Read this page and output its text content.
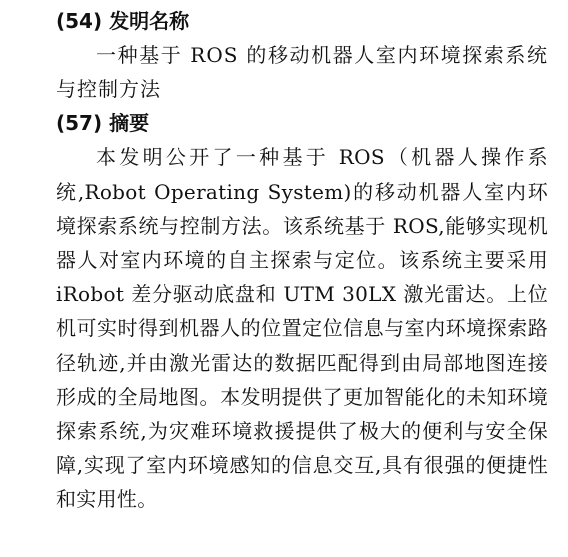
(54) 发明名称

一种基于 ROS 的移动机器人室内环境探索系统与控制方法

(57) 摘要

本发明公开了一种基于 ROS（机器人操作系统,Robot Operating System)的移动机器人室内环境探索系统与控制方法。该系统基于 ROS,能够实现机器人对室内环境的自主探索与定位。该系统主要采用 iRobot 差分驱动底盘和 UTM 30LX 激光雷达。上位机可实时得到机器人的位置定位信息与室内环境探索路径轨迹,并由激光雷达的数据匹配得到由局部地图连接形成的全局地图。本发明提供了更加智能化的未知环境探索系统,为灾难环境救援提供了极大的便利与安全保障,实现了室内环境感知的信息交互,具有很强的便捷性和实用性。
